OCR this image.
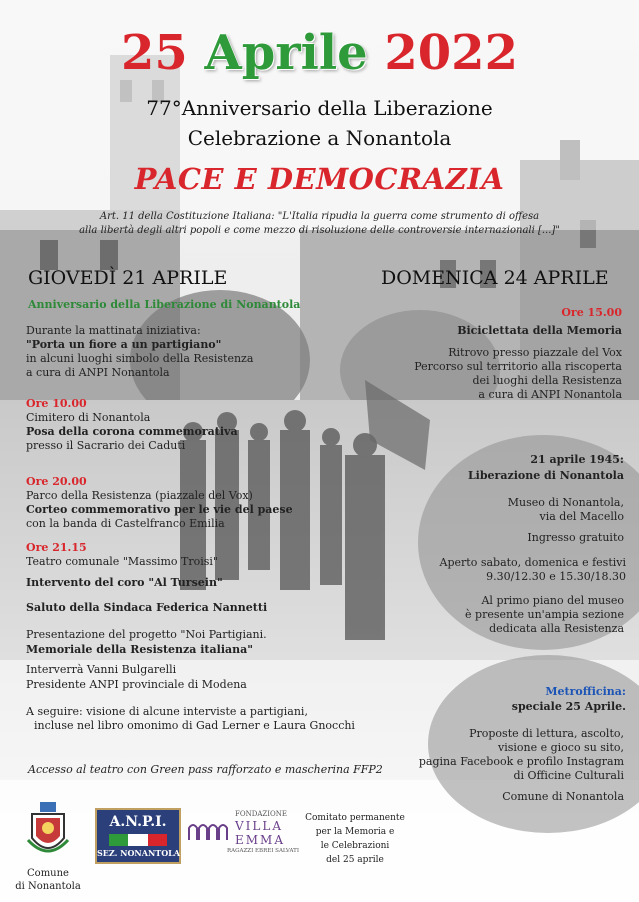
25 Aprile 2022
77°Anniversario della Liberazione
Celebrazione a Nonantola
PACE E DEMOCRAZIA
Art. 11 della Costituzione Italiana: "L'Italia ripudia la guerra come strumento di offesa
alla libertà degli altri popoli e come mezzo di risoluzione delle controversie internazionali [...]"
GIOVEDÌ 21 APRILE
Anniversario della Liberazione di Nonantola
Durante la mattinata iniziativa:
"Porta un fiore a un partigiano"
in alcuni luoghi simbolo della Resistenza
a cura di ANPI Nonantola
Ore 10.00
Cimitero di Nonantola
Posa della corona commemorativa
presso il Sacrario dei Caduti
Ore 20.00
Parco della Resistenza (piazzale del Vox)
Corteo commemorativo per le vie del paese
con la banda di Castelfranco Emilia
Ore 21.15
Teatro comunale "Massimo Troisi"
Intervento del coro "Al Tursein"
Saluto della Sindaca Federica Nannetti
Presentazione del progetto "Noi Partigiani.
Memoriale della Resistenza italiana"
Interverrà Vanni Bulgarelli
Presidente ANPI provinciale di Modena
A seguire: visione di alcune interviste a partigiani,
incluse nel libro omonimo di Gad Lerner e Laura Gnocchi
Accesso al teatro con Green pass rafforzato e mascherina FFP2
DOMENICA 24 APRILE
Ore 15.00
Biciclettata della Memoria
Ritrovo presso piazzale del Vox
Percorso sul territorio alla riscoperta
dei luoghi della Resistenza
a cura di ANPI Nonantola
21 aprile 1945:
Liberazione di Nonantola
Museo di Nonantola,
via del Macello
Ingresso gratuito
Aperto sabato, domenica e festivi
9.30/12.30 e 15.30/18.30
Al primo piano del museo
è presente un'ampia sezione
dedicata alla Resistenza
Metrofficina:
speciale 25 Aprile.
Proposte di lettura, ascolto,
visione e gioco su sito,
pagina Facebook e profilo Instagram
di Officine Culturali
Comune di Nonantola
Comune
di Nonantola
A.N.P.I.
SEZ. NONANTOLA
FONDAZIONE
VILLA
EMMA
RAGAZZI EBREI SALVATI
Comitato permanente
per la Memoria e
le Celebrazioni
del 25 aprile
